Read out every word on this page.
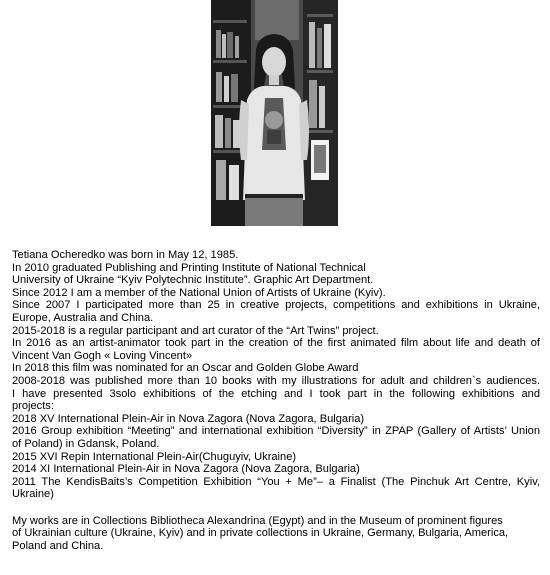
Tetiana Ocheredko was born in May 12, 1985.
In 2010 graduated Publishing and Printing Institute of National Technical
University of Ukraine “Kyiv Polytechnic Institute”. Graphic Art Department.
Since 2012 I am a member of the National Union of Artists of Ukraine (Kyiv).
Since 2007 I participated more than 25 in creative projects, competitions and exhibitions in Ukraine,
Europe, Australia and China.
2015-2018 is a regular participant and art curator of the “Art Twins” project.
In 2016 as an artist-animator took part in the creation of the first animated film about life and death of
Vincent Van Gogh « Loving Vincent»
In 2018 this film was nominated for an Oscar and Golden Globe Award
2008-2018 was published more than 10 books with my illustrations for adult and children`s audiences.
I have presented 3solo exhibitions of the etching and I took part in the following exhibitions and
projects:
2018 XV International Plein-Air in Nova Zagora (Nova Zagora, Bulgaria)
2016 Group exhibition “Meeting” and international exhibition “Diversity” in ZPAP (Gallery of Artists’ Union
of Poland) in Gdansk, Poland.
2015 XVI Repin International Plein-Air(Chuguyiv, Ukraine)
2014 XI International Plein-Air in Nova Zagora (Nova Zagora, Bulgaria)
2011 The KendisBaits’s Competition Exhibition “You + Me”– a Finalist (The Pinchuk Art Centre, Kyiv,
Ukraine)
My works are in Collections Bibliotheca Alexandrina (Egypt) and in the Museum of prominent figures
of Ukrainian culture (Ukraine, Kyiv) and in private collections in Ukraine, Germany, Bulgaria, America,
Poland and China.
